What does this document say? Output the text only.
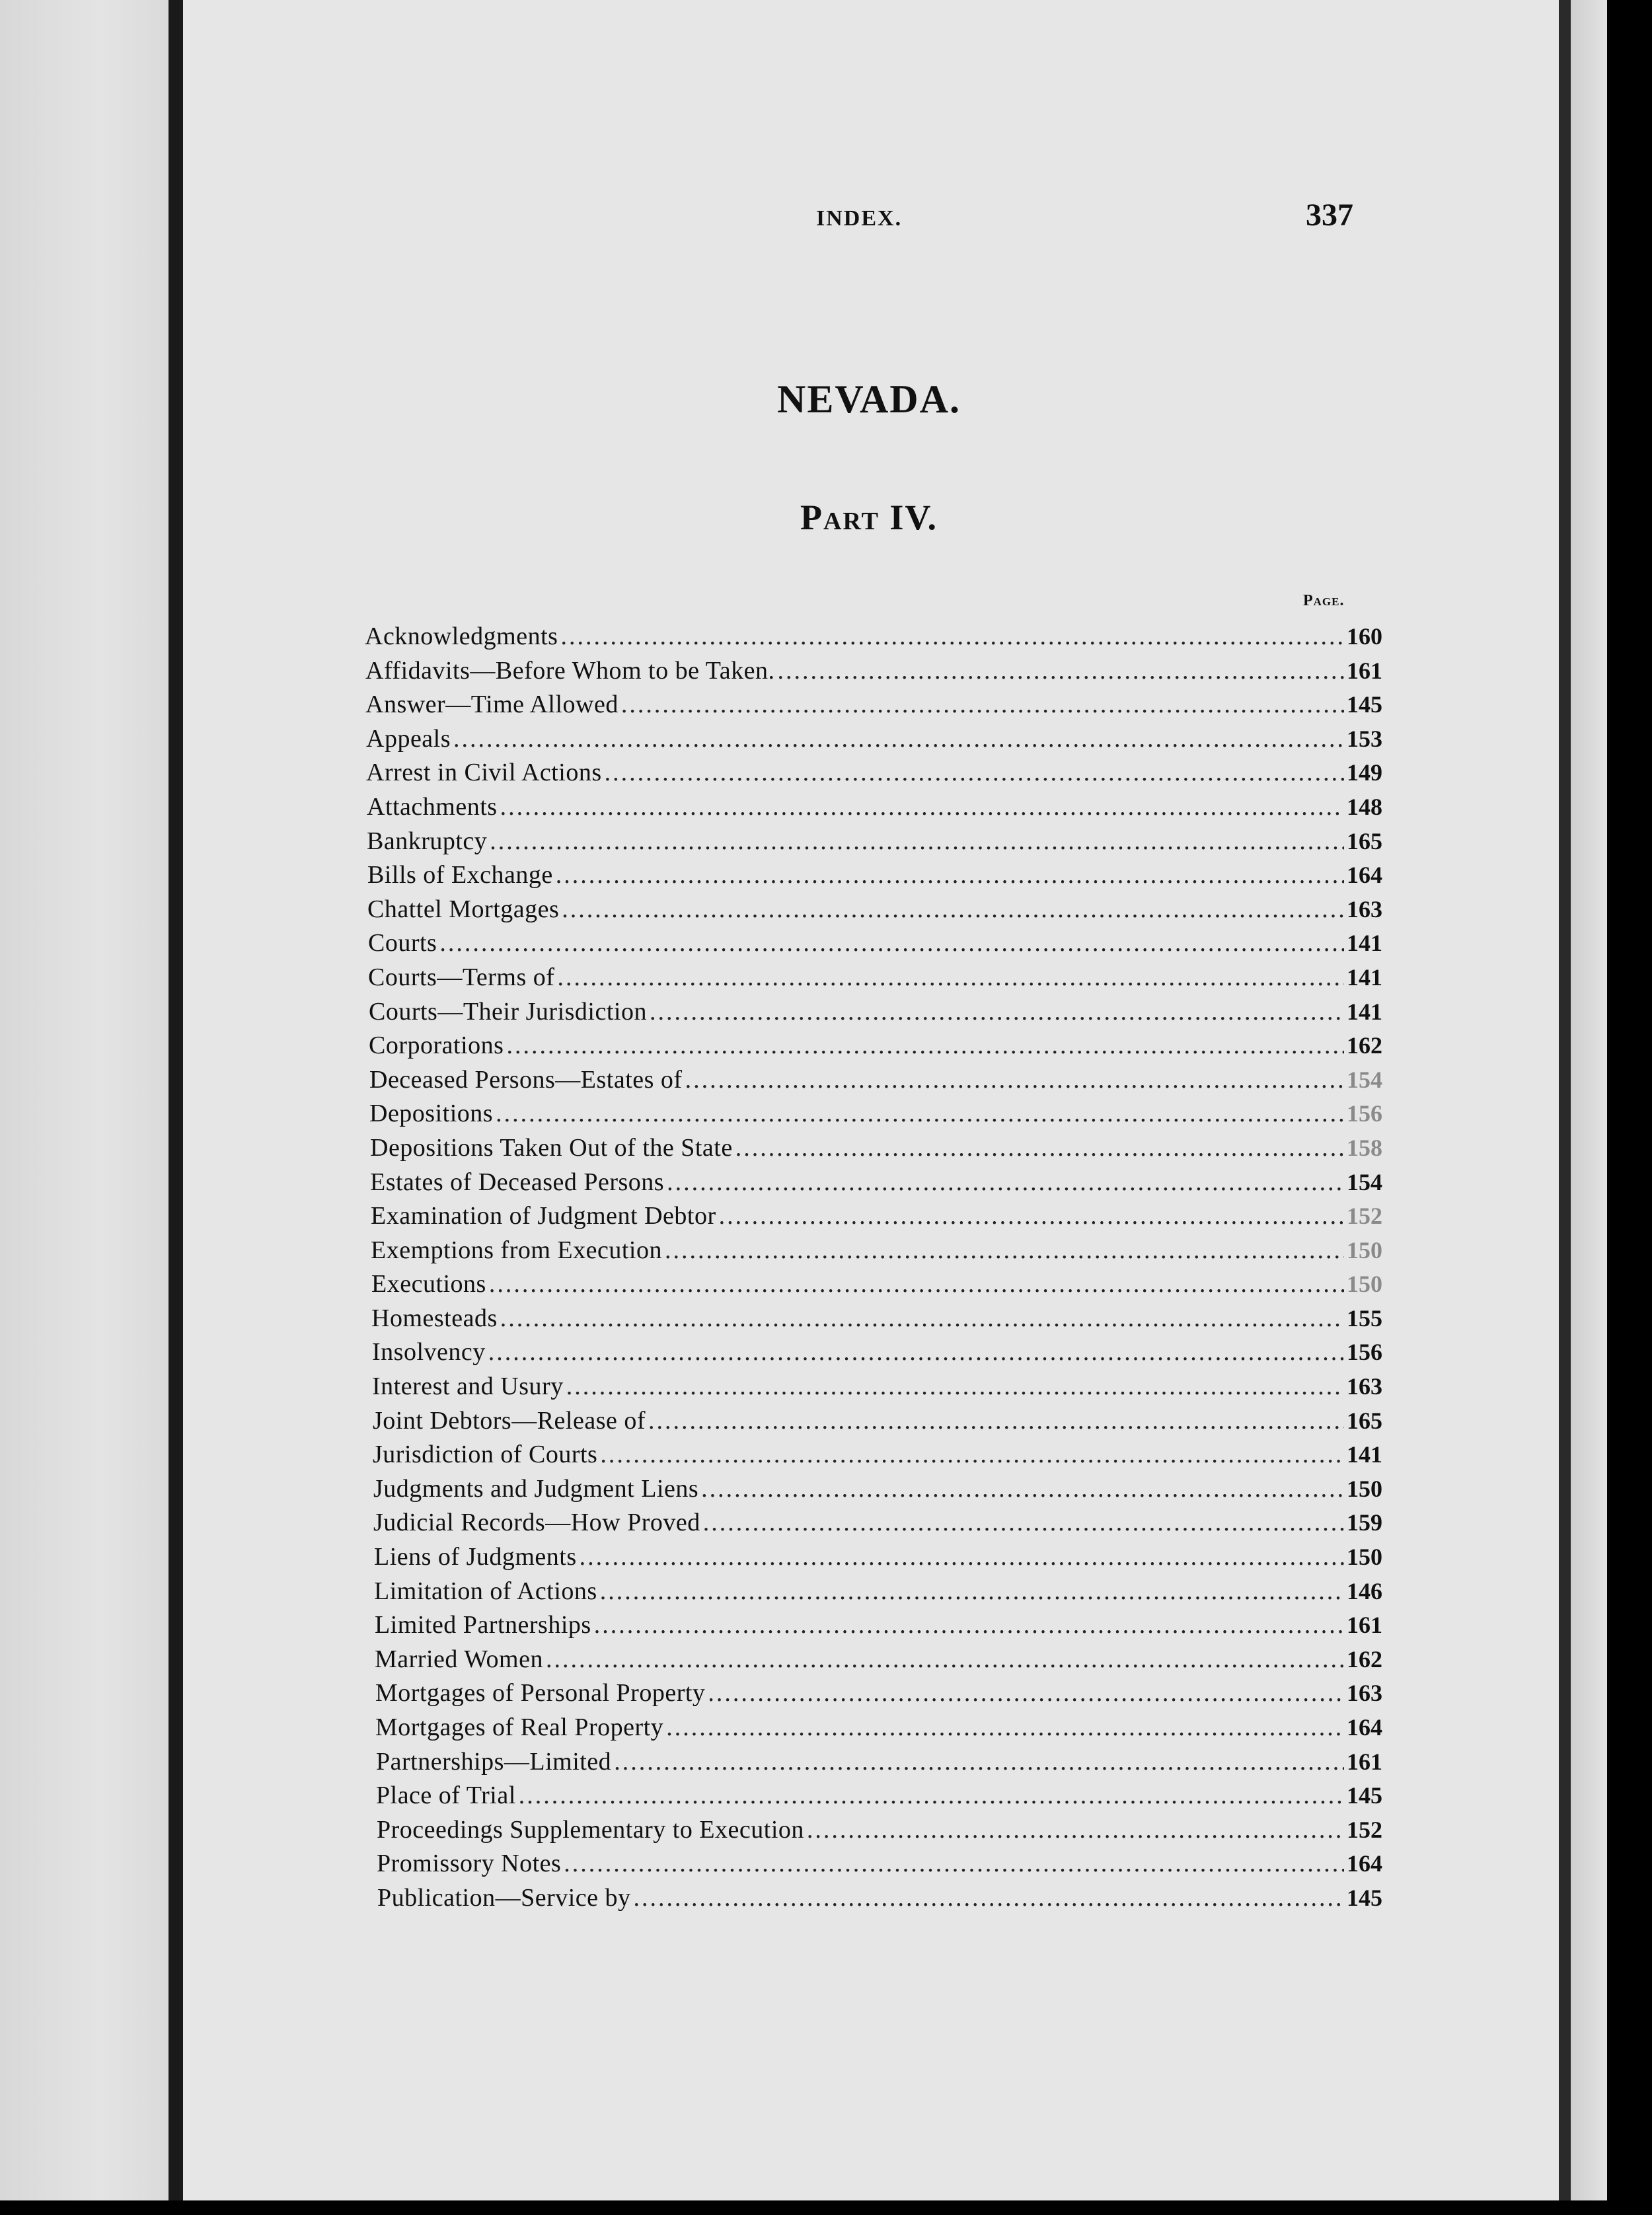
INDEX.	337
NEVADA.
Part IV.
Page.
Acknowledgments .....	160
Affidavits—Before Whom to be Taken. .....	161
Answer—Time Allowed .....	145
Appeals .....	153
Arrest in Civil Actions .....	149
Attachments .....	148
Bankruptcy .....	165
Bills of Exchange .....	164
Chattel Mortgages .....	163
Courts .....	141
Courts—Terms of .....	141
Courts—Their Jurisdiction .....	141
Corporations .....	162
Deceased Persons—Estates of .....	154
Depositions .....	156
Depositions Taken Out of the State .....	158
Estates of Deceased Persons .....	154
Examination of Judgment Debtor .....	152
Exemptions from Execution .....	150
Executions .....	150
Homesteads .....	155
Insolvency .....	156
Interest and Usury .....	163
Joint Debtors—Release of .....	165
Jurisdiction of Courts .....	141
Judgments and Judgment Liens .....	150
Judicial Records—How Proved .....	159
Liens of Judgments .....	150
Limitation of Actions .....	146
Limited Partnerships .....	161
Married Women .....	162
Mortgages of Personal Property .....	163
Mortgages of Real Property .....	164
Partnerships—Limited .....	161
Place of Trial .....	145
Proceedings Supplementary to Execution .....	152
Promissory Notes .....	164
Publication—Service by .....	145
